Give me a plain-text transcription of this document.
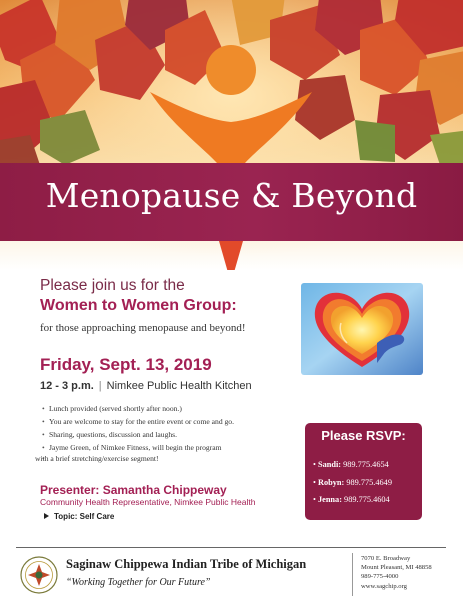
Menopause & Beyond
Please join us for the
Women to Women Group:
for those approaching menopause and beyond!
Friday, Sept. 13, 2019
12 - 3 p.m. | Nimkee Public Health Kitchen
• Lunch provided (served shortly after noon.)
• You are welcome to stay for the entire event or come and go.
• Sharing, questions, discussion and laughs.
• Jayme Green, of Nimkee Fitness, will begin the program
• with a brief stretching/exercise segment!
Presenter: Samantha Chippeway
Community Health Representative, Nimkee Public Health
Topic: Self Care
Please RSVP:
• Sandi: 989.775.4654
• Robyn: 989.775.4649
• Jenna: 989.775.4604
Saginaw Chippewa Indian Tribe of Michigan
“Working Together for Our Future”
7070 E. Broadway
Mount Pleasant, MI 48858
989-775-4000
www.sagchip.org
